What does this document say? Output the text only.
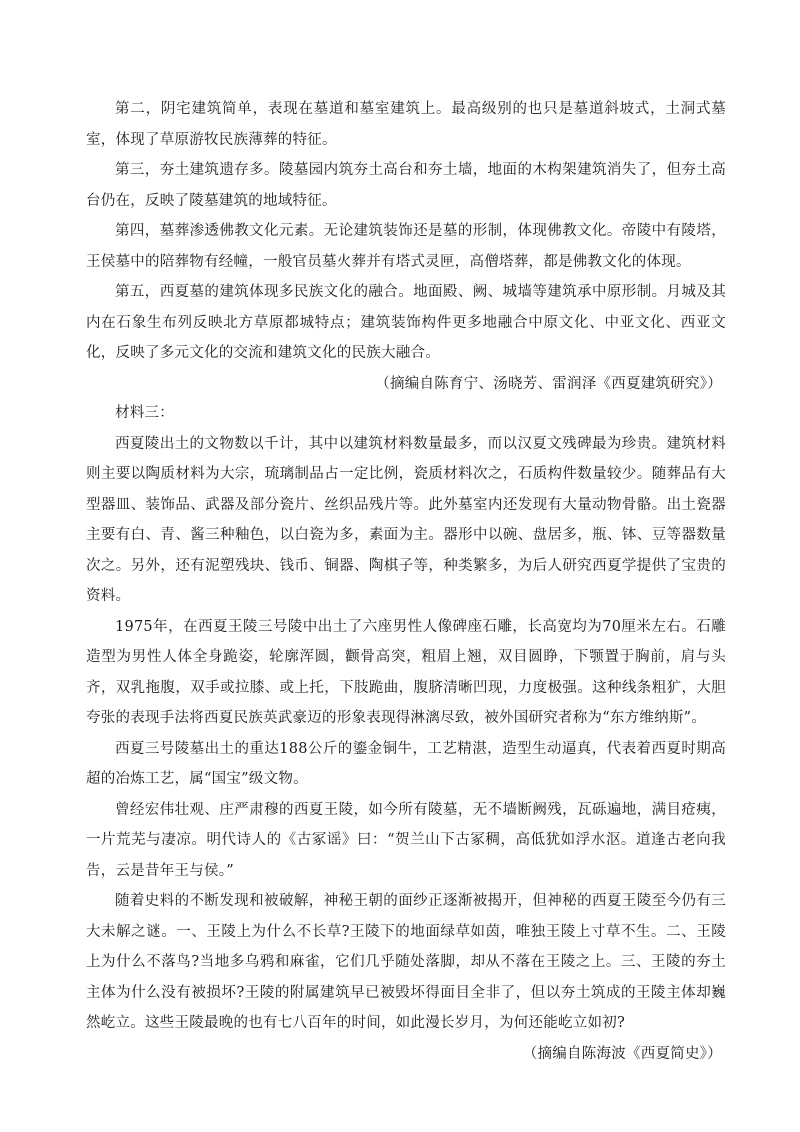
第二，阴宅建筑简单，表现在墓道和墓室建筑上。最高级别的也只是墓道斜坡式，土洞式墓室，体现了草原游牧民族薄葬的特征。

第三，夯土建筑遗存多。陵墓园内筑夯土高台和夯土墙，地面的木构架建筑消失了，但夯土高台仍在，反映了陵墓建筑的地域特征。

第四，墓葬渗透佛教文化元素。无论建筑装饰还是墓的形制，体现佛教文化。帝陵中有陵塔，王侯墓中的陪葬物有经幢，一般官员墓火葬并有塔式灵匣，高僧塔葬，都是佛教文化的体现。

第五，西夏墓的建筑体现多民族文化的融合。地面殿、阙、城墙等建筑承中原形制。月城及其内在石象生布列反映北方草原都城特点；建筑装饰构件更多地融合中原文化、中亚文化、西亚文化，反映了多元文化的交流和建筑文化的民族大融合。

（摘编自陈育宁、汤晓芳、雷润泽《西夏建筑研究》）

材料三：

西夏陵出土的文物数以千计，其中以建筑材料数量最多，而以汉夏文残碑最为珍贵。建筑材料则主要以陶质材料为大宗，琉璃制品占一定比例，瓷质材料次之，石质构件数量较少。随葬品有大型器皿、装饰品、武器及部分瓷片、丝织品残片等。此外墓室内还发现有大量动物骨骼。出土瓷器主要有白、青、酱三种釉色，以白瓷为多，素面为主。器形中以碗、盘居多，瓶、钵、豆等器数量次之。另外，还有泥塑残块、钱币、铜器、陶棋子等，种类繁多，为后人研究西夏学提供了宝贵的资料。

1975年，在西夏王陵三号陵中出土了六座男性人像碑座石雕，长高宽均为70厘米左右。石雕造型为男性人体全身跪姿，轮廓浑圆，颧骨高突，粗眉上翘，双目圆睁，下颚置于胸前，肩与头齐，双乳拖腹，双手或拉膝、或上托，下肢跪曲，腹脐清晰凹现，力度极强。这种线条粗犷，大胆夸张的表现手法将西夏民族英武豪迈的形象表现得淋漓尽致，被外国研究者称为“东方维纳斯”。

西夏三号陵墓出土的重达188公斤的鎏金铜牛，工艺精湛，造型生动逼真，代表着西夏时期高超的冶炼工艺，属“国宝”级文物。

曾经宏伟壮观、庄严肃穆的西夏王陵，如今所有陵墓，无不墙断阙残，瓦砾遍地，满目疮痍，一片荒芜与凄凉。明代诗人的《古冢谣》曰：“贺兰山下古冢稠，高低犹如浮水沤。道逢古老向我告，云是昔年王与侯。”

随着史料的不断发现和被破解，神秘王朝的面纱正逐渐被揭开，但神秘的西夏王陵至今仍有三大未解之谜。一、王陵上为什么不长草?王陵下的地面绿草如茵，唯独王陵上寸草不生。二、王陵上为什么不落鸟?当地多乌鸦和麻雀，它们几乎随处落脚，却从不落在王陵之上。三、王陵的夯土主体为什么没有被损坏?王陵的附属建筑早已被毁坏得面目全非了，但以夯土筑成的王陵主体却巍然屹立。这些王陵最晚的也有七八百年的时间，如此漫长岁月，为何还能屹立如初?

（摘编自陈海波《西夏简史》）
